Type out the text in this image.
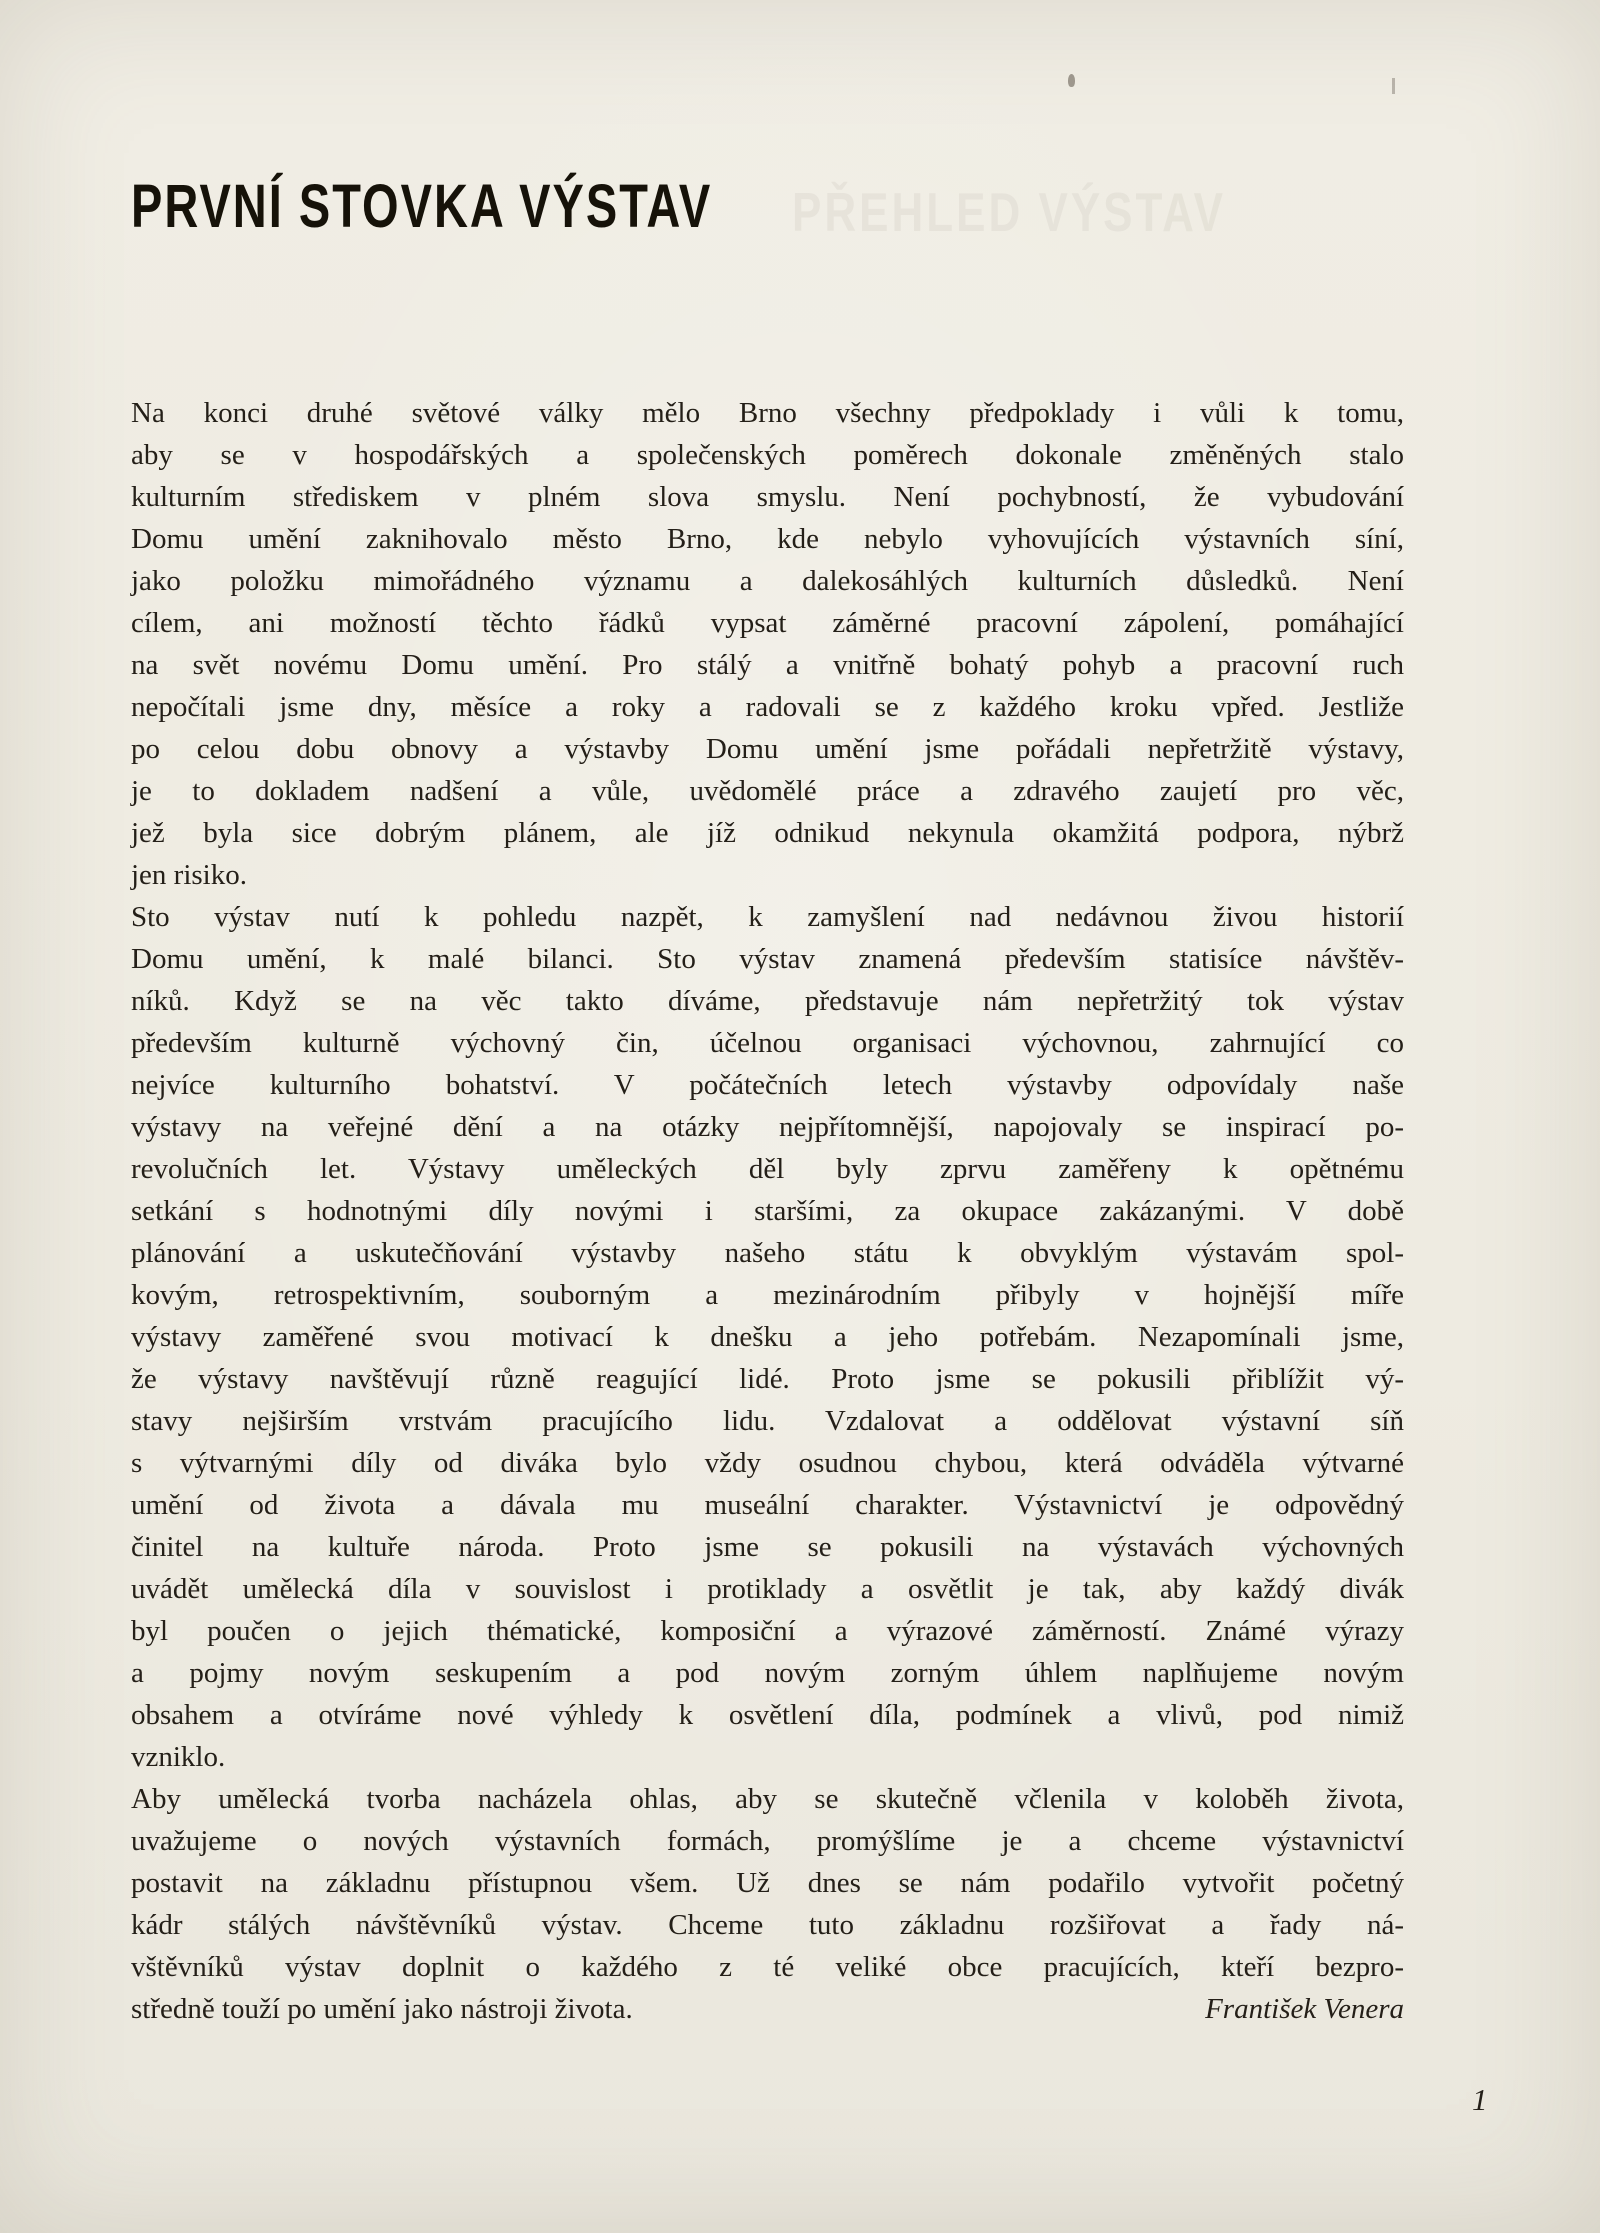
PŘEHLED VÝSTAV
PRVNÍ STOVKA VÝSTAV
Na konci druhé světové války mělo Brno všechny předpoklady i vůli k tomu,
aby se v hospodářských a společenských poměrech dokonale změněných stalo
kulturním střediskem v plném slova smyslu. Není pochybností, že vybudování
Domu umění zaknihovalo město Brno, kde nebylo vyhovujících výstavních síní,
jako položku mimořádného významu a dalekosáhlých kulturních důsledků. Není
cílem, ani možností těchto řádků vypsat záměrné pracovní zápolení, pomáhající
na svět novému Domu umění. Pro stálý a vnitřně bohatý pohyb a pracovní ruch
nepočítali jsme dny, měsíce a roky a radovali se z každého kroku vpřed. Jestliže
po celou dobu obnovy a výstavby Domu umění jsme pořádali nepřetržitě výstavy,
je to dokladem nadšení a vůle, uvědomělé práce a zdravého zaujetí pro věc,
jež byla sice dobrým plánem, ale jíž odnikud nekynula okamžitá podpora, nýbrž
jen risiko.
Sto výstav nutí k pohledu nazpět, k zamyšlení nad nedávnou živou historií
Domu umění, k malé bilanci. Sto výstav znamená především statisíce návštěv-
níků. Když se na věc takto díváme, představuje nám nepřetržitý tok výstav
především kulturně výchovný čin, účelnou organisaci výchovnou, zahrnující co
nejvíce kulturního bohatství. V počátečních letech výstavby odpovídaly naše
výstavy na veřejné dění a na otázky nejpřítomnější, napojovaly se inspirací po-
revolučních let. Výstavy uměleckých děl byly zprvu zaměřeny k opětnému
setkání s hodnotnými díly novými i staršími, za okupace zakázanými. V době
plánování a uskutečňování výstavby našeho státu k obvyklým výstavám spol-
kovým, retrospektivním, souborným a mezinárodním přibyly v hojnější míře
výstavy zaměřené svou motivací k dnešku a jeho potřebám. Nezapomínali jsme,
že výstavy navštěvují různě reagující lidé. Proto jsme se pokusili přiblížit vý-
stavy nejširším vrstvám pracujícího lidu. Vzdalovat a oddělovat výstavní síň
s výtvarnými díly od diváka bylo vždy osudnou chybou, která odváděla výtvarné
umění od života a dávala mu museální charakter. Výstavnictví je odpovědný
činitel na kultuře národa. Proto jsme se pokusili na výstavách výchovných
uvádět umělecká díla v souvislost i protiklady a osvětlit je tak, aby každý divák
byl poučen o jejich thématické, komposiční a výrazové záměrností. Známé výrazy
a pojmy novým seskupením a pod novým zorným úhlem naplňujeme novým
obsahem a otvíráme nové výhledy k osvětlení díla, podmínek a vlivů, pod nimiž
vzniklo.
Aby umělecká tvorba nacházela ohlas, aby se skutečně včlenila v koloběh života,
uvažujeme o nových výstavních formách, promýšlíme je a chceme výstavnictví
postavit na základnu přístupnou všem. Už dnes se nám podařilo vytvořit početný
kádr stálých návštěvníků výstav. Chceme tuto základnu rozšiřovat a řady ná-
vštěvníků výstav doplnit o každého z té veliké obce pracujících, kteří bezpro-
středně touží po umění jako nástroji života.	František Venera
1
